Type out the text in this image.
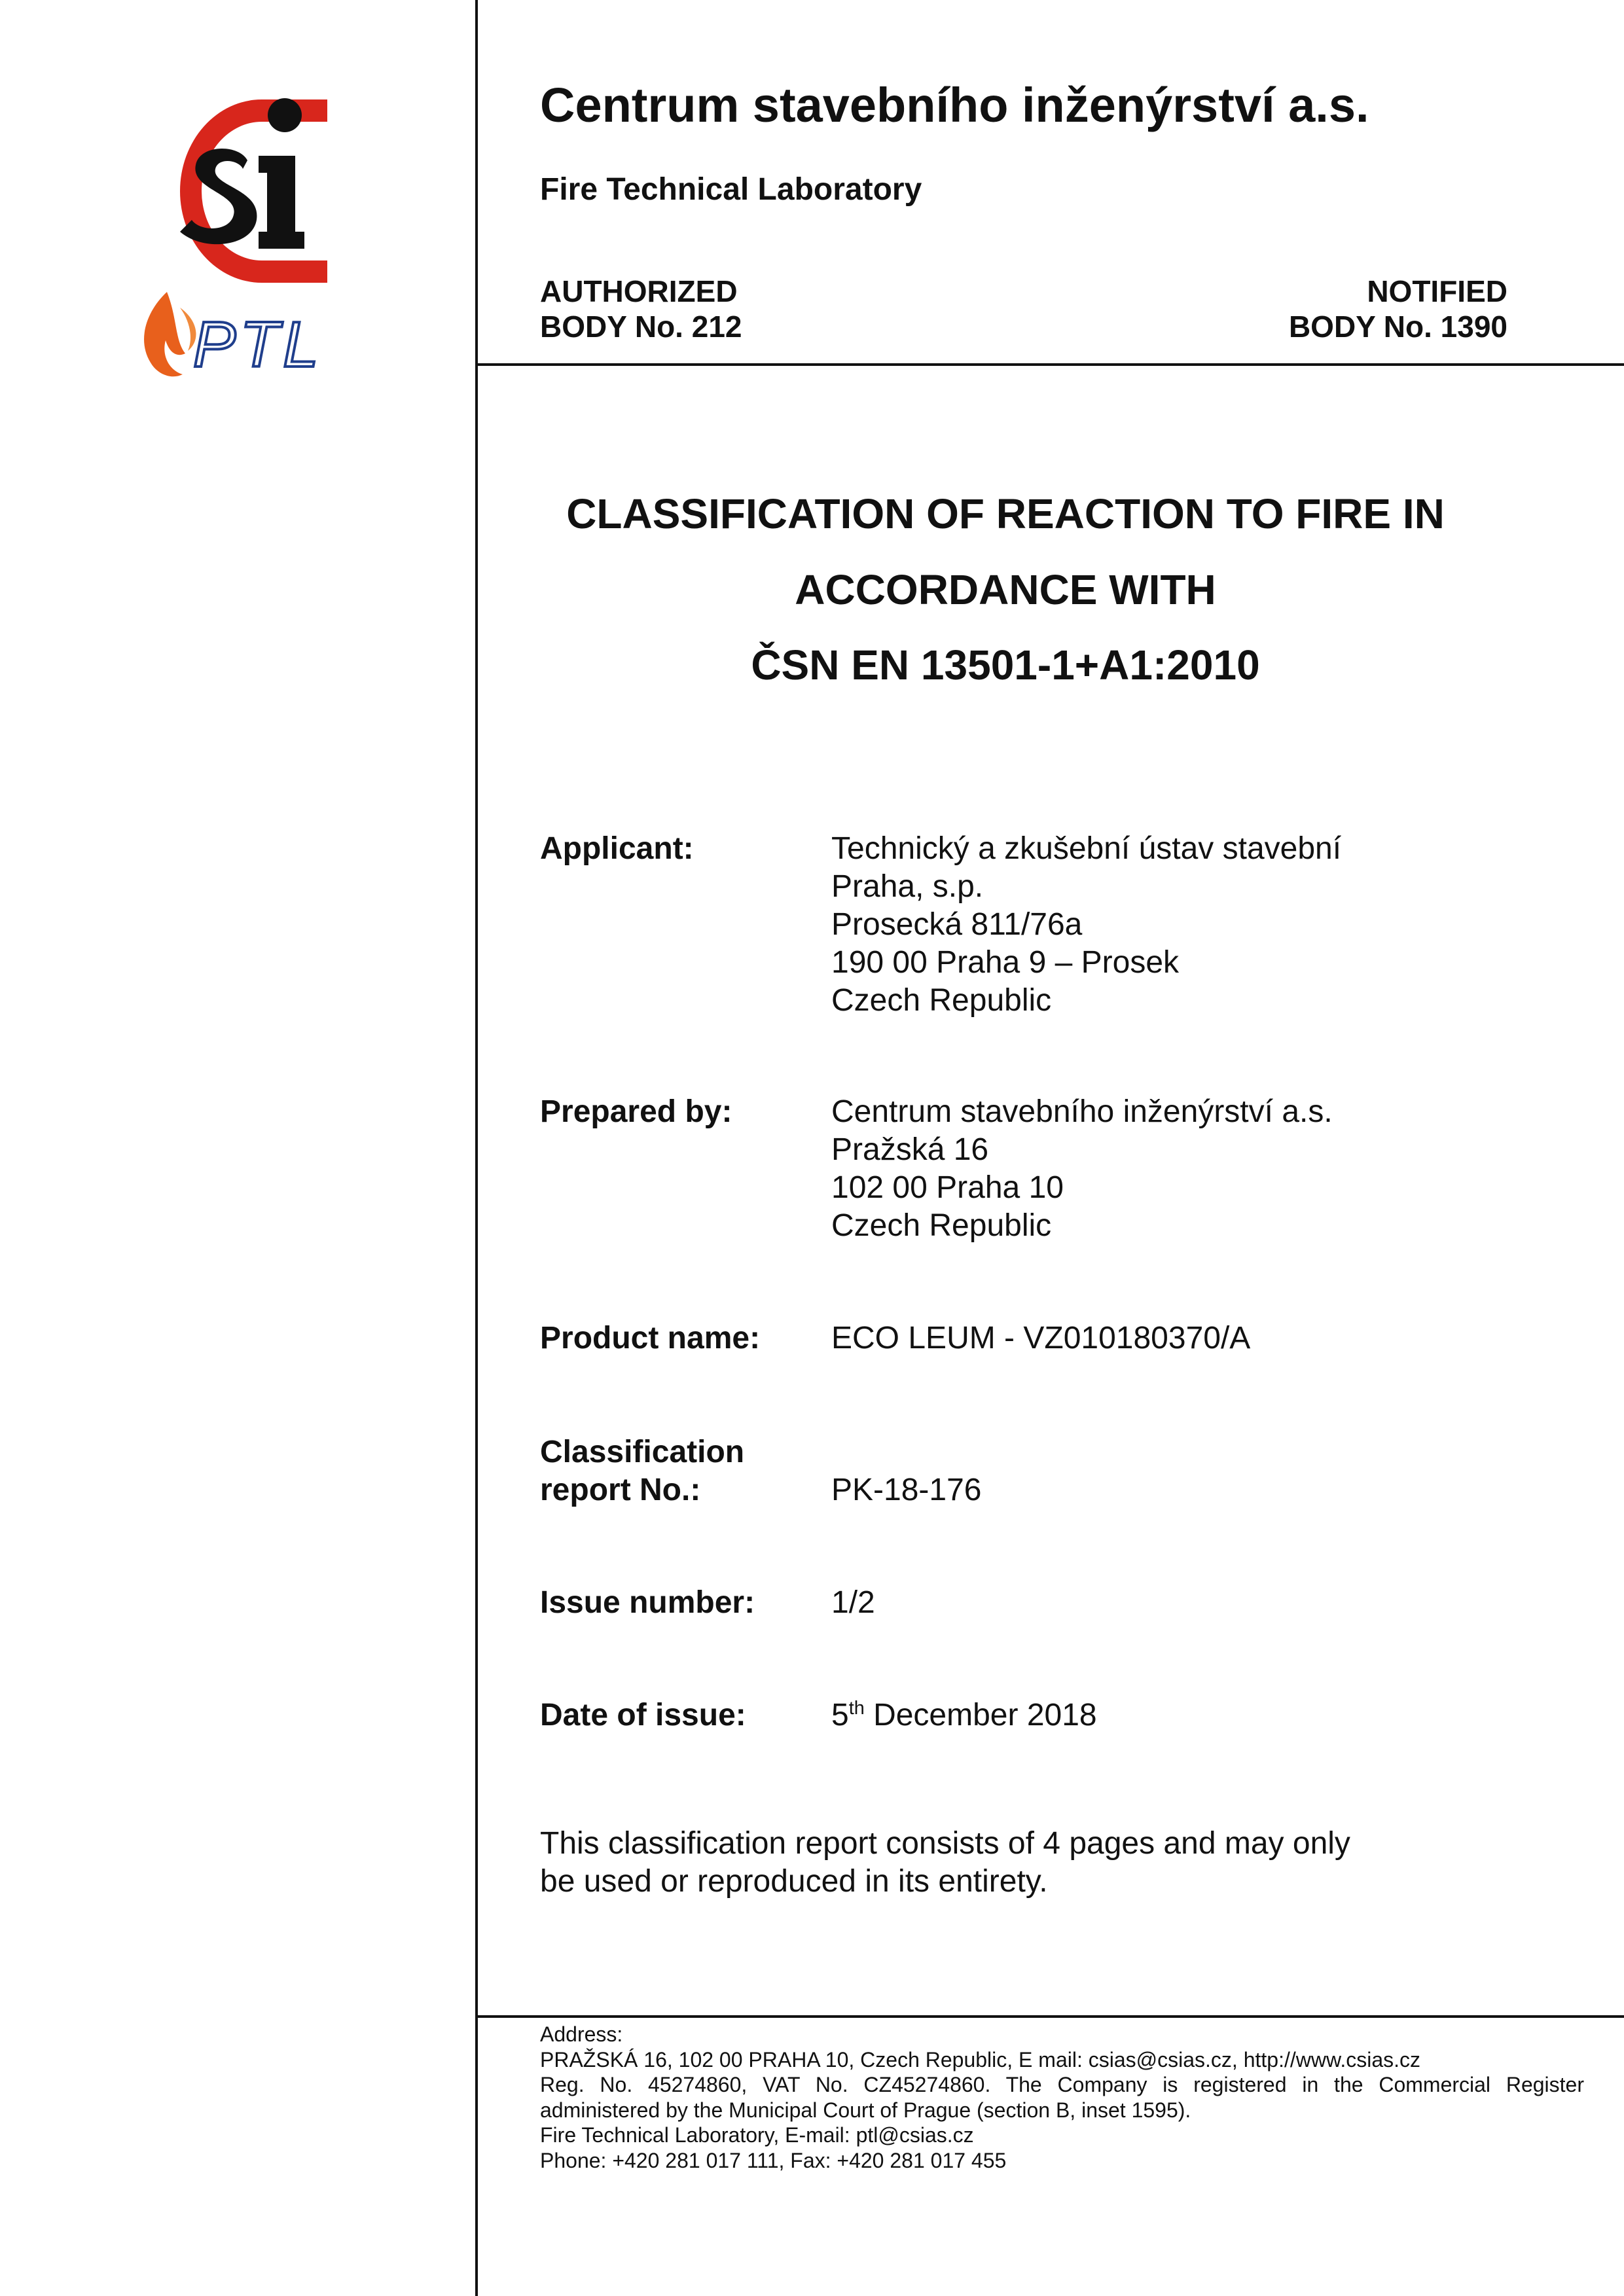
PTL
Centrum stavebního inženýrství a.s.
Fire Technical Laboratory
AUTHORIZED
BODY No. 212
NOTIFIED
BODY No. 1390
CLASSIFICATION OF REACTION TO FIRE IN
ACCORDANCE WITH
ČSN EN 13501-1+A1:2010
Applicant:	Technický a zkušební ústav stavební
Praha, s.p.
Prosecká 811/76a
190 00 Praha 9 – Prosek
Czech Republic
Prepared by:	Centrum stavebního inženýrství a.s.
Pražská 16
102 00 Praha 10
Czech Republic
Product name: ECO LEUM - VZ010180370/A
Classification
report No.:	PK-18-176
Issue number: 1/2
Date of issue:	5th December 2018
This classification report consists of 4 pages and may only
be used or reproduced in its entirety.
Address:
PRAŽSKÁ 16, 102 00 PRAHA 10, Czech Republic, E mail: csias@csias.cz, http://www.csias.cz
Reg. No. 45274860, VAT No. CZ45274860. The Company is registered in the Commercial Register
administered by the Municipal Court of Prague (section B, inset 1595).
Fire Technical Laboratory, E-mail: ptl@csias.cz
Phone: +420 281 017 111, Fax: +420 281 017 455
